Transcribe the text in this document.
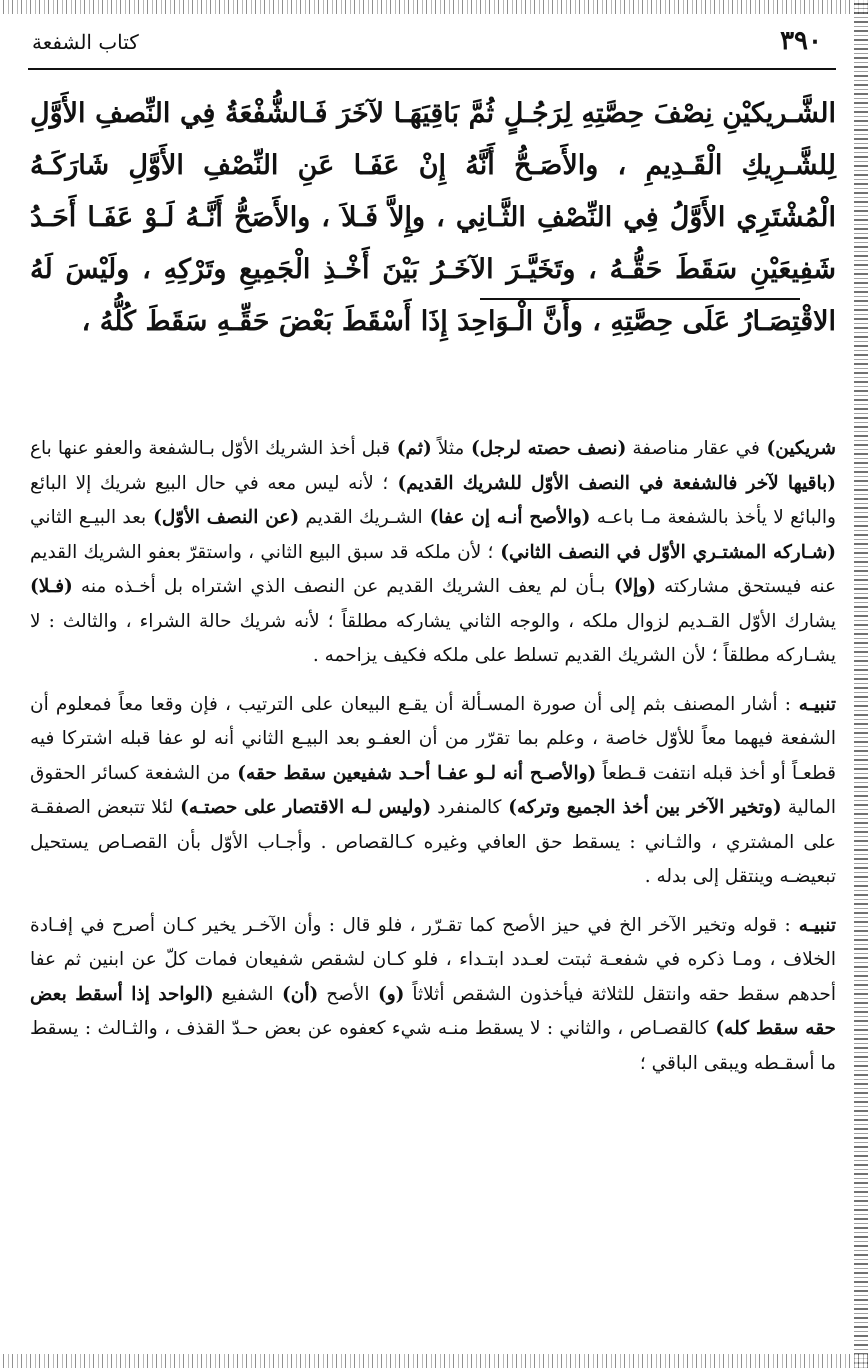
٣٩٠
كتاب الشفعة
الشَّـريكيْنِ نِصْفَ حِصَّتِهِ لِرَجُـلٍ ثُمَّ بَاقِيَهَـا لآخَرَ فَـالشُّفْعَةُ فِي النِّصفِ الأَوَّلِ لِلشَّـرِيكِ الْقَـدِيمِ ، والأَصَـحُّ أَنَّهُ إِنْ عَفَـا عَنِ النِّصْفِ الأَوَّلِ شَارَكَـهُ الْمُشْتَرِي الأَوَّلُ فِي النِّصْفِ الثَّـانِي ، وإِلاَّ فَـلاَ ، والأَصَحُّ أَنَّـهُ لَـوْ عَفَـا أَحَـدُ شَفِيعَيْنِ سَقَطَ حَقُّـهُ ، وتَخَيَّـرَ الآخَـرُ بَيْنَ أَخْـذِ الْجَمِيعِ وتَرْكِهِ ، ولَيْسَ لَهُ الاقْتِصَـارُ عَلَى حِصَّتِهِ ، وأَنَّ الْـوَاحِدَ إِذَا أَسْقَطَ بَعْضَ حَقِّـهِ سَقَطَ كُلُّهُ ،

شريكين) في عقار مناصفة (نصف حصته لرجل) مثلاً (ثم) قبل أخذ الشريك الأوّل بـالشفعة والعفو عنها باع (باقيها لآخر فالشفعة في النصف الأوّل للشريك القديم) ؛ لأنه ليس معه في حال البيع شريك إلا البائع والبائع لا يأخذ بالشفعة مـا باعـه (والأصح أنـه إن عفا) الشـريك القديم (عن النصف الأوّل) بعد البيـع الثاني (شـاركه المشتـري الأوّل في النصف الثاني) ؛ لأن ملكه قد سبق البيع الثاني ، واستقرّ بعفو الشريك القديم عنه فيستحق مشاركته (وإلا) بـأن لم يعف الشريك القديم عن النصف الذي اشتراه بل أخـذه منه (فـلا) يشارك الأوّل القـديم لزوال ملكه ، والوجه الثاني يشاركه مطلقاً ؛ لأنه شريك حالة الشراء ، والثالث : لا يشـاركه مطلقاً ؛ لأن الشريك القديم تسلط على ملكه فكيف يزاحمه .

تنبيـه : أشار المصنف بثم إلى أن صورة المسـألة أن يقـع البيعان على الترتيب ، فإن وقعا معاً فمعلوم أن الشفعة فيهما معاً للأوّل خاصة ، وعلم بما تقرّر من أن العفـو بعد البيـع الثاني أنه لو عفا قبله اشتركا فيه قطعـاً أو أخذ قبله انتفت قـطعاً (والأصـح أنه لـو عفـا أحـد شفيعين سقط حقه) من الشفعة كسائر الحقوق المالية (وتخير الآخر بين أخذ الجميع وتركه) كالمنفرد (وليس لـه الاقتصار على حصتـه) لئلا تتبعض الصفقـة على المشتري ، والثـاني : يسقط حق العافي وغيره كـالقصاص . وأجـاب الأوّل بأن القصـاص يستحيل تبعيضـه وينتقل إلى بدله .

تنبيـه : قوله وتخير الآخر الخ في حيز الأصح كما تقـرّر ، فلو قال : وأن الآخـر يخير كـان أصرح في إفـادة الخلاف ، ومـا ذكره في شفعـة ثبتت لعـدد ابتـداء ، فلو كـان لشقص شفيعان فمات كلّ عن ابنين ثم عفا أحدهم سقط حقه وانتقل للثلاثة فيأخذون الشقص أثلاثاً (و) الأصح (أن) الشفيع (الواحد إذا أسقط بعض حقه سقط كله) كالقصـاص ، والثاني : لا يسقط منـه شيء كعفوه عن بعض حـدّ القذف ، والثـالث : يسقط ما أسقـطه ويبقى الباقي ؛
